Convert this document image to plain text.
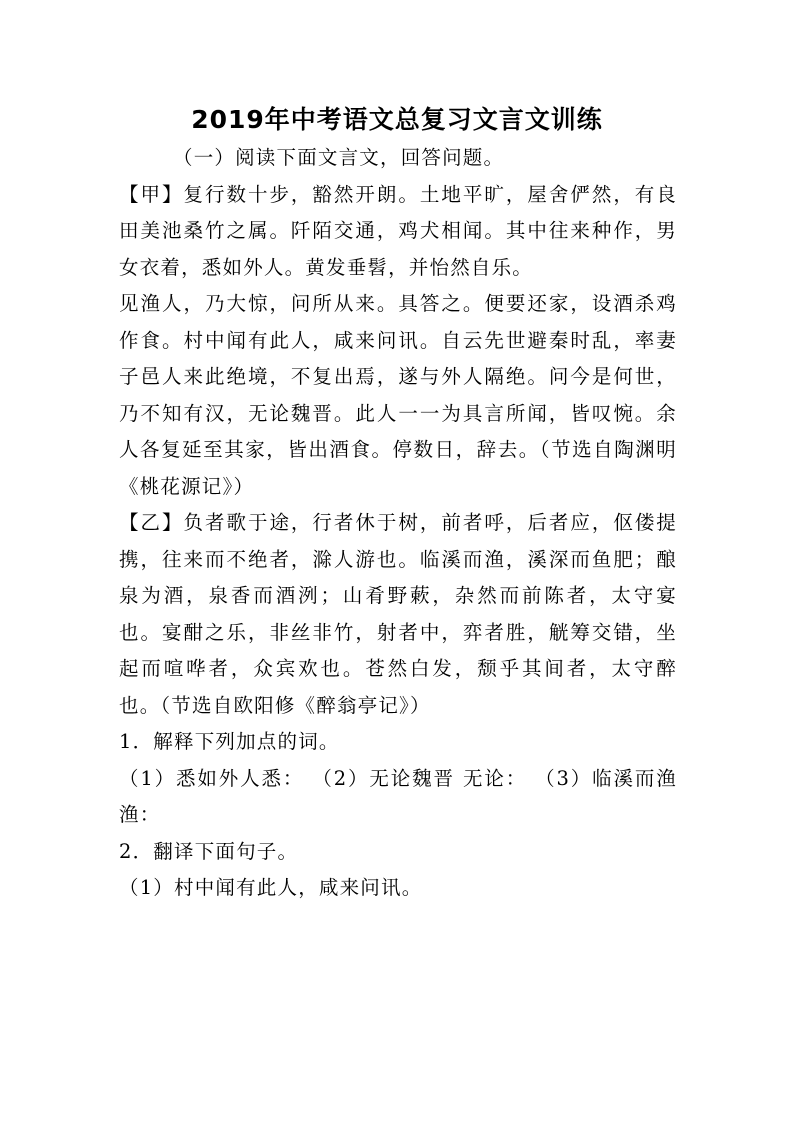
2019年中考语文总复习文言文训练

（一）阅读下面文言文，回答问题。

【甲】复行数十步，豁然开朗。土地平旷，屋舍俨然，有良田美池桑竹之属。阡陌交通，鸡犬相闻。其中往来种作，男女衣着，悉如外人。黄发垂髫，并怡然自乐。

见渔人，乃大惊，问所从来。具答之。便要还家，设酒杀鸡作食。村中闻有此人，咸来问讯。自云先世避秦时乱，率妻子邑人来此绝境，不复出焉，遂与外人隔绝。问今是何世，乃不知有汉，无论魏晋。此人一一为具言所闻，皆叹惋。余人各复延至其家，皆出酒食。停数日，辞去。（节选自陶渊明《桃花源记》）

【乙】负者歌于途，行者休于树，前者呼，后者应，伛偻提携，往来而不绝者，滁人游也。临溪而渔，溪深而鱼肥；酿泉为酒，泉香而酒洌；山肴野蔌，杂然而前陈者，太守宴也。宴酣之乐，非丝非竹，射者中，弈者胜，觥筹交错，坐起而喧哗者，众宾欢也。苍然白发，颓乎其间者，太守醉也。（节选自欧阳修《醉翁亭记》）

1．解释下列加点的词。

（1）悉如外人悉： （2）无论魏晋 无论： （3）临溪而渔渔：

2．翻译下面句子。

（1）村中闻有此人，咸来问讯。
